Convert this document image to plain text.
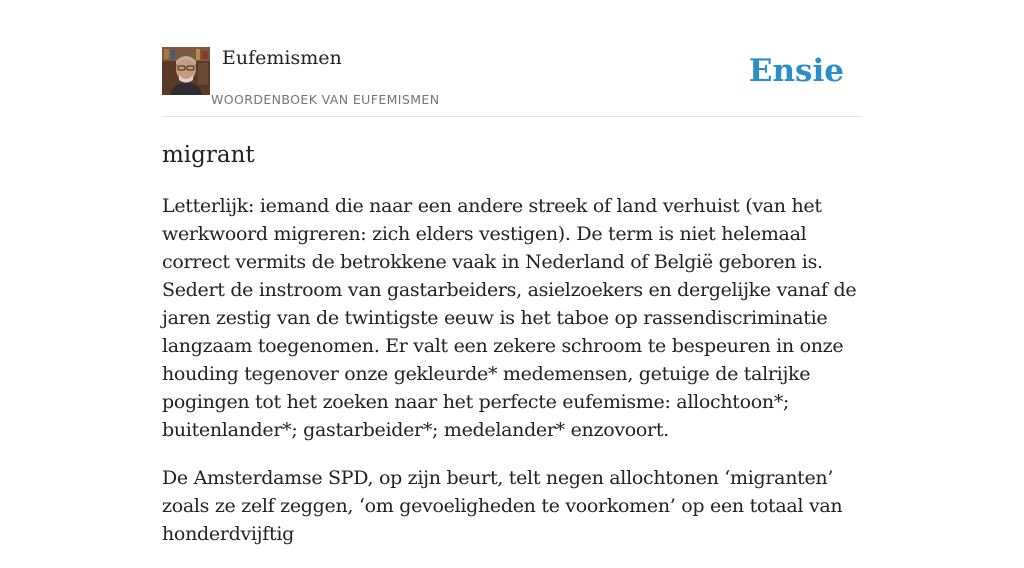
Eufemismen
WOORDENBOEK VAN EUFEMISMEN
Ensie
migrant

Letterlijk: iemand die naar een andere streek of land verhuist (van het werkwoord migreren: zich elders vestigen). De term is niet helemaal correct vermits de betrokkene vaak in Nederland of België geboren is. Sedert de instroom van gastarbeiders, asielzoekers en dergelijke vanaf de jaren zestig van de twintigste eeuw is het taboe op rassendiscriminatie langzaam toegenomen. Er valt een zekere schroom te bespeuren in onze houding tegenover onze gekleurde* medemensen, getuige de talrijke pogingen tot het zoeken naar het perfecte eufemisme: allochtoon*; buitenlander*; gastarbeider*; medelander* enzovoort.

De Amsterdamse SPD, op zijn beurt, telt negen allochtonen ‘migranten’ zoals ze zelf zeggen, ‘om gevoeligheden te voorkomen’ op een totaal van honderdvijftig
